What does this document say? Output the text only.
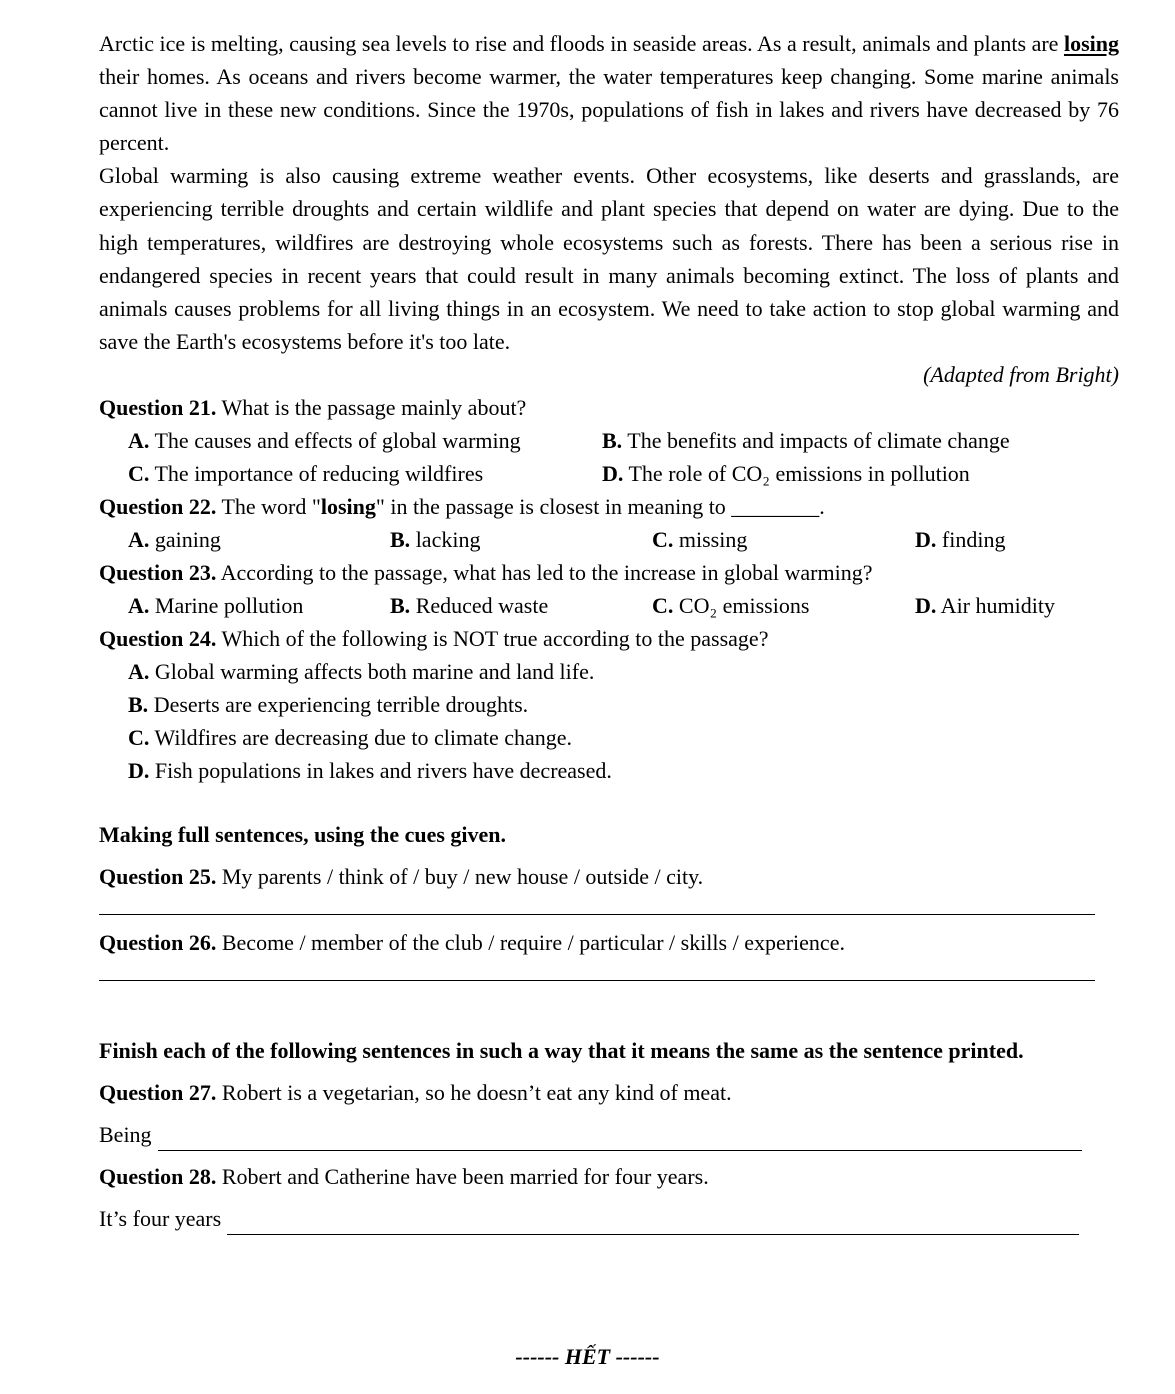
Arctic ice is melting, causing sea levels to rise and floods in seaside areas. As a result, animals and plants are losing their homes. As oceans and rivers become warmer, the water temperatures keep changing. Some marine animals cannot live in these new conditions. Since the 1970s, populations of fish in lakes and rivers have decreased by 76 percent.

Global warming is also causing extreme weather events. Other ecosystems, like deserts and grasslands, are experiencing terrible droughts and certain wildlife and plant species that depend on water are dying. Due to the high temperatures, wildfires are destroying whole ecosystems such as forests. There has been a serious rise in endangered species in recent years that could result in many animals becoming extinct. The loss of plants and animals causes problems for all living things in an ecosystem. We need to take action to stop global warming and save the Earth's ecosystems before it's too late.

(Adapted from Bright)

Question 21. What is the passage mainly about?

A. The causes and effects of global warming	B. The benefits and impacts of climate change
C. The importance of reducing wildfires	D. The role of CO₂ emissions in pollution

Question 22. The word "losing" in the passage is closest in meaning to ________.

A. gaining	B. lacking	C. missing	D. finding

Question 23. According to the passage, what has led to the increase in global warming?

A. Marine pollution	B. Reduced waste	C. CO₂ emissions	D. Air humidity

Question 24. Which of the following is NOT true according to the passage?

A. Global warming affects both marine and land life.
B. Deserts are experiencing terrible droughts.
C. Wildfires are decreasing due to climate change.
D. Fish populations in lakes and rivers have decreased.

Making full sentences, using the cues given.

Question 25. My parents / think of / buy / new house / outside / city.

Question 26. Become / member of the club / require / particular / skills / experience.

Finish each of the following sentences in such a way that it means the same as the sentence printed.

Question 27. Robert is a vegetarian, so he doesn’t eat any kind of meat.

Being

Question 28. Robert and Catherine have been married for four years.

It’s four years
------ HẾT ------
